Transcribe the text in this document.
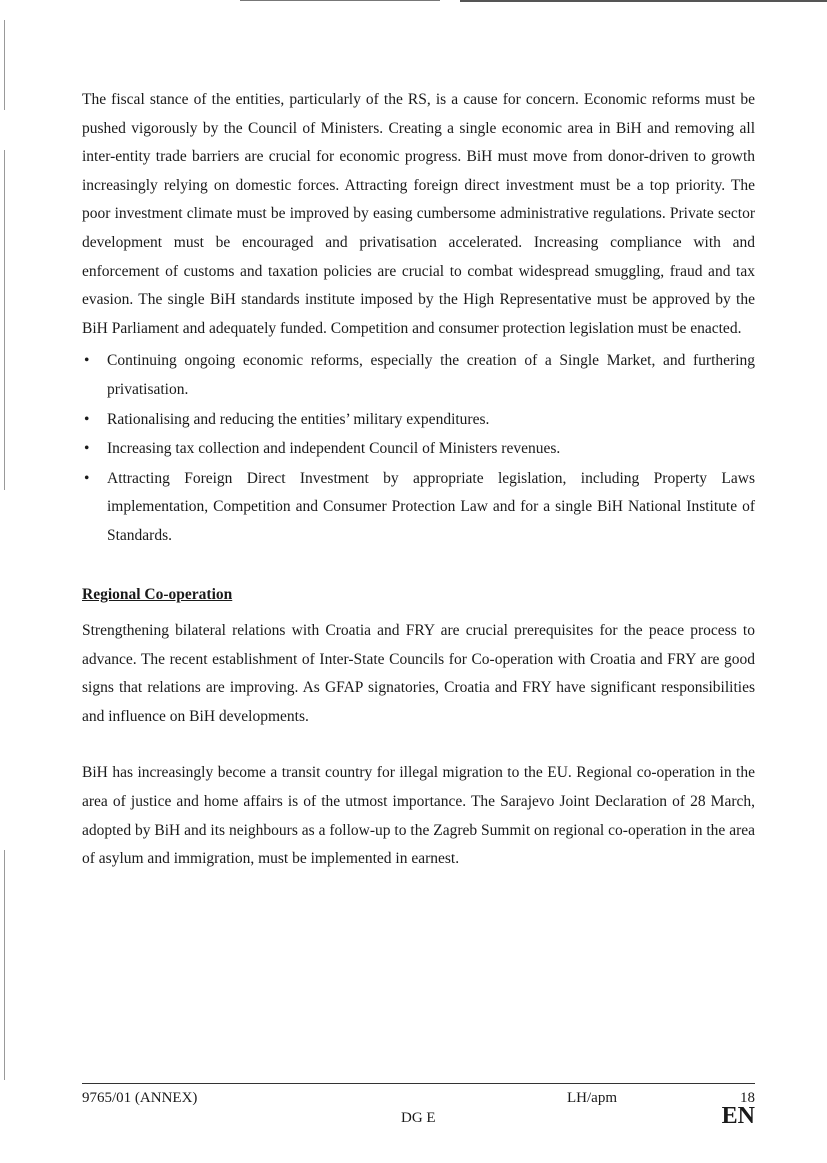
The fiscal stance of the entities, particularly of the RS, is a cause for concern. Economic reforms must be pushed vigorously by the Council of Ministers. Creating a single economic area in BiH and removing all inter-entity trade barriers are crucial for economic progress. BiH must move from donor-driven to growth increasingly relying on domestic forces. Attracting foreign direct investment must be a top priority. The poor investment climate must be improved by easing cumbersome administrative regulations. Private sector development must be encouraged and privatisation accelerated. Increasing compliance with and enforcement of customs and taxation policies are crucial to combat widespread smuggling, fraud and tax evasion. The single BiH standards institute imposed by the High Representative must be approved by the BiH Parliament and adequately funded. Competition and consumer protection legislation must be enacted.

• Continuing ongoing economic reforms, especially the creation of a Single Market, and furthering privatisation.
• Rationalising and reducing the entities’ military expenditures.
• Increasing tax collection and independent Council of Ministers revenues.
• Attracting Foreign Direct Investment by appropriate legislation, including Property Laws implementation, Competition and Consumer Protection Law and for a single BiH National Institute of Standards.
Regional Co-operation

Strengthening bilateral relations with Croatia and FRY are crucial prerequisites for the peace process to advance. The recent establishment of Inter-State Councils for Co-operation with Croatia and FRY are good signs that relations are improving. As GFAP signatories, Croatia and FRY have significant responsibilities and influence on BiH developments.

BiH has increasingly become a transit country for illegal migration to the EU. Regional co-operation in the area of justice and home affairs is of the utmost importance. The Sarajevo Joint Declaration of 28 March, adopted by BiH and its neighbours as a follow-up to the Zagreb Summit on regional co-operation in the area of asylum and immigration, must be implemented in earnest.

9765/01 (ANNEX)	LH/apm	18
DG E	EN
